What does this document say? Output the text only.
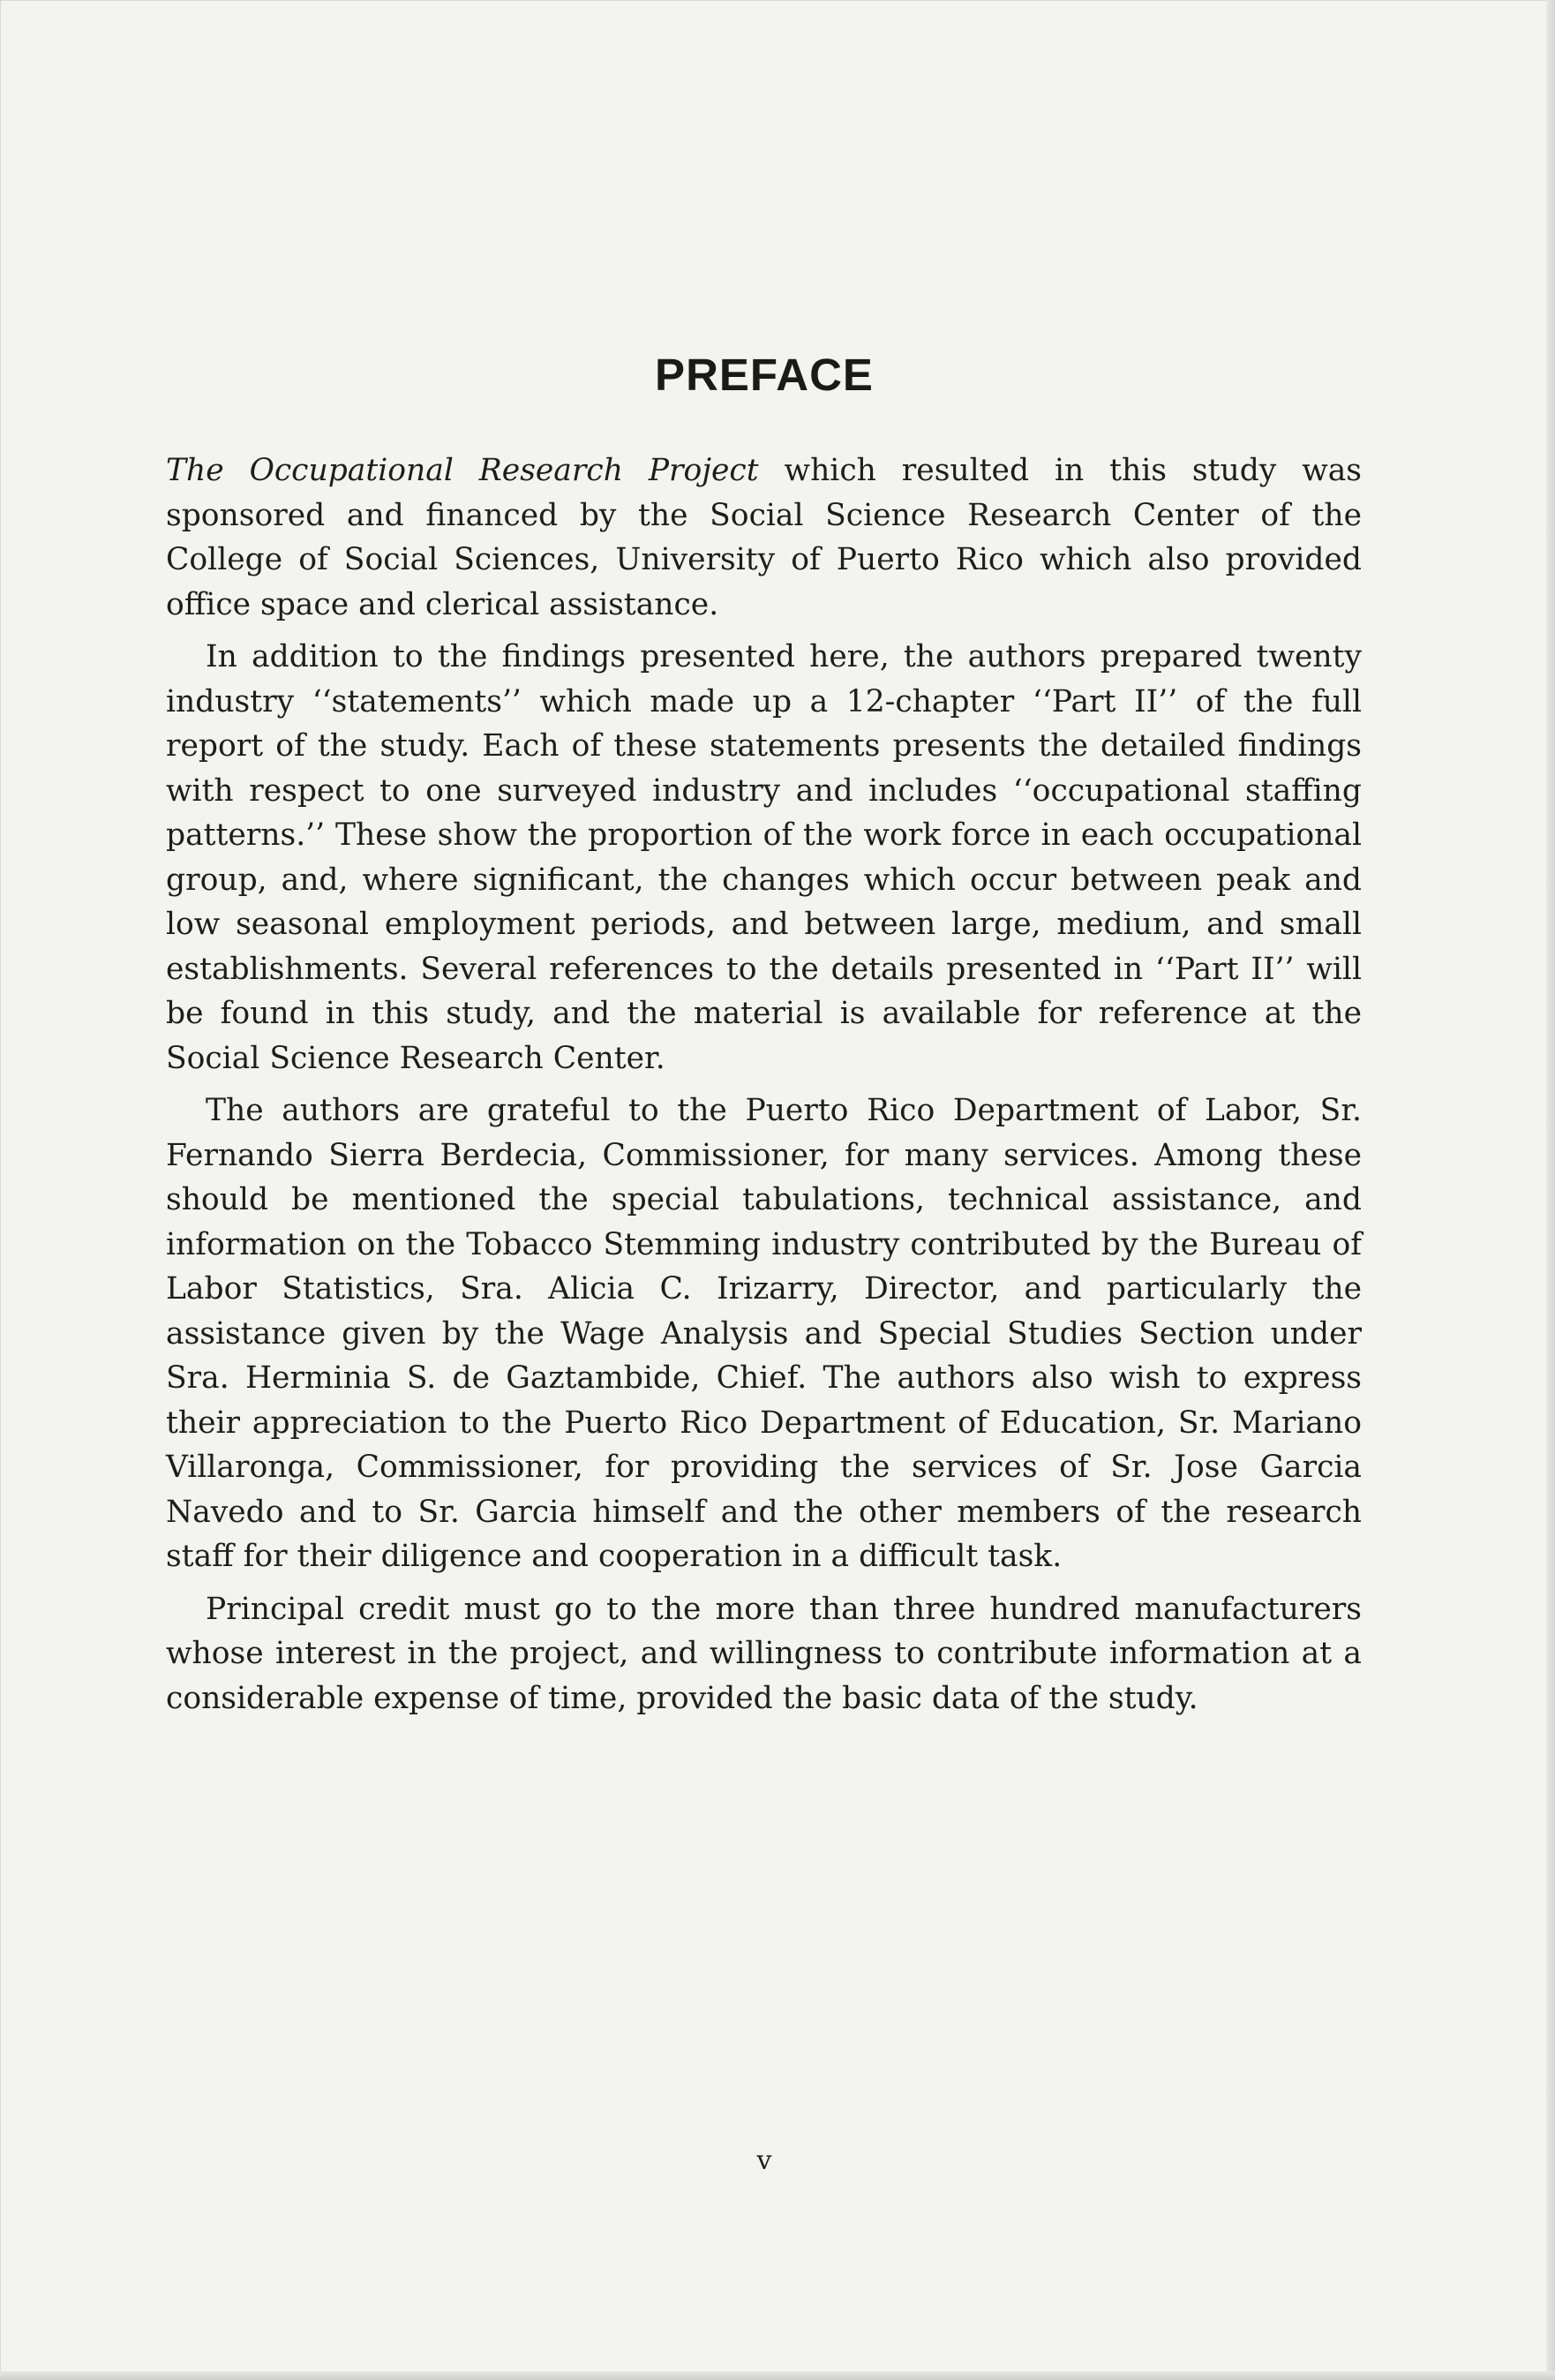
PREFACE

The Occupational Research Project which resulted in this study was sponsored and financed by the Social Science Research Center of the College of Social Sciences, University of Puerto Rico which also provided office space and clerical assistance.

In addition to the findings presented here, the authors prepared twenty industry ‘‘statements’’ which made up a 12-chapter ‘‘Part II’’ of the full report of the study. Each of these statements presents the detailed findings with respect to one surveyed industry and includes ‘‘occupational staffing patterns.’’ These show the proportion of the work force in each occupational group, and, where significant, the changes which occur between peak and low seasonal employment periods, and between large, medium, and small establishments. Several references to the details presented in ‘‘Part II’’ will be found in this study, and the material is available for reference at the Social Science Research Center.

The authors are grateful to the Puerto Rico Department of Labor, Sr. Fernando Sierra Berdecia, Commissioner, for many services. Among these should be mentioned the special tabulations, technical assistance, and information on the Tobacco Stemming industry contributed by the Bureau of Labor Statistics, Sra. Alicia C. Irizarry, Director, and particularly the assistance given by the Wage Analysis and Special Studies Section under Sra. Herminia S. de Gaztambide, Chief. The authors also wish to express their appreciation to the Puerto Rico Department of Education, Sr. Mariano Villaronga, Commissioner, for providing the services of Sr. Jose Garcia Navedo and to Sr. Garcia himself and the other members of the research staff for their diligence and cooperation in a difficult task.

Principal credit must go to the more than three hundred manufacturers whose interest in the project, and willingness to contribute information at a considerable expense of time, provided the basic data of the study.

v
